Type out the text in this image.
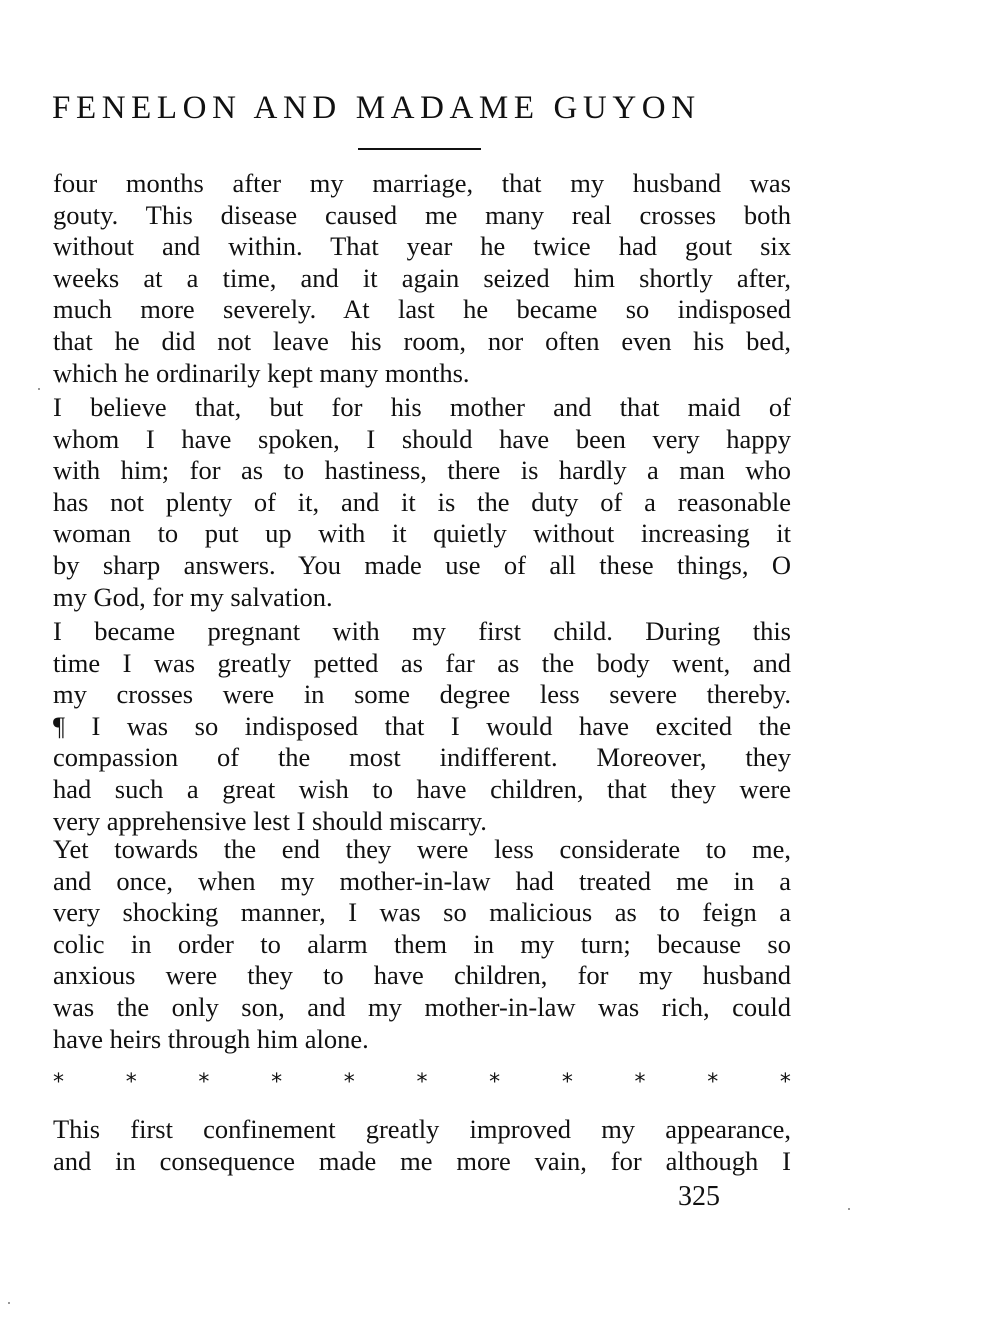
FENELON AND MADAME GUYON
four months after my marriage, that my husband was
gouty. This disease caused me many real crosses both
without and within. That year he twice had gout six
weeks at a time, and it again seized him shortly after,
much more severely. At last he became so indisposed
that he did not leave his room, nor often even his bed,
which he ordinarily kept many months.
I believe that, but for his mother and that maid of
whom I have spoken, I should have been very happy
with him; for as to hastiness, there is hardly a man who
has not plenty of it, and it is the duty of a reasonable
woman to put up with it quietly without increasing it
by sharp answers. You made use of all these things, O
my God, for my salvation.
I became pregnant with my first child. During this
time I was greatly petted as far as the body went, and
my crosses were in some degree less severe thereby.
¶ I was so indisposed that I would have excited the
compassion of the most indifferent. Moreover, they
had such a great wish to have children, that they were
very apprehensive lest I should miscarry.
Yet towards the end they were less considerate to me,
and once, when my mother-in-law had treated me in a
very shocking manner, I was so malicious as to feign a
colic in order to alarm them in my turn; because so
anxious were they to have children, for my husband
was the only son, and my mother-in-law was rich, could
have heirs through him alone.
*	*	*	*	*	*	*	*	*	*	*
This first confinement greatly improved my appearance,
and in consequence made me more vain, for although I
325
